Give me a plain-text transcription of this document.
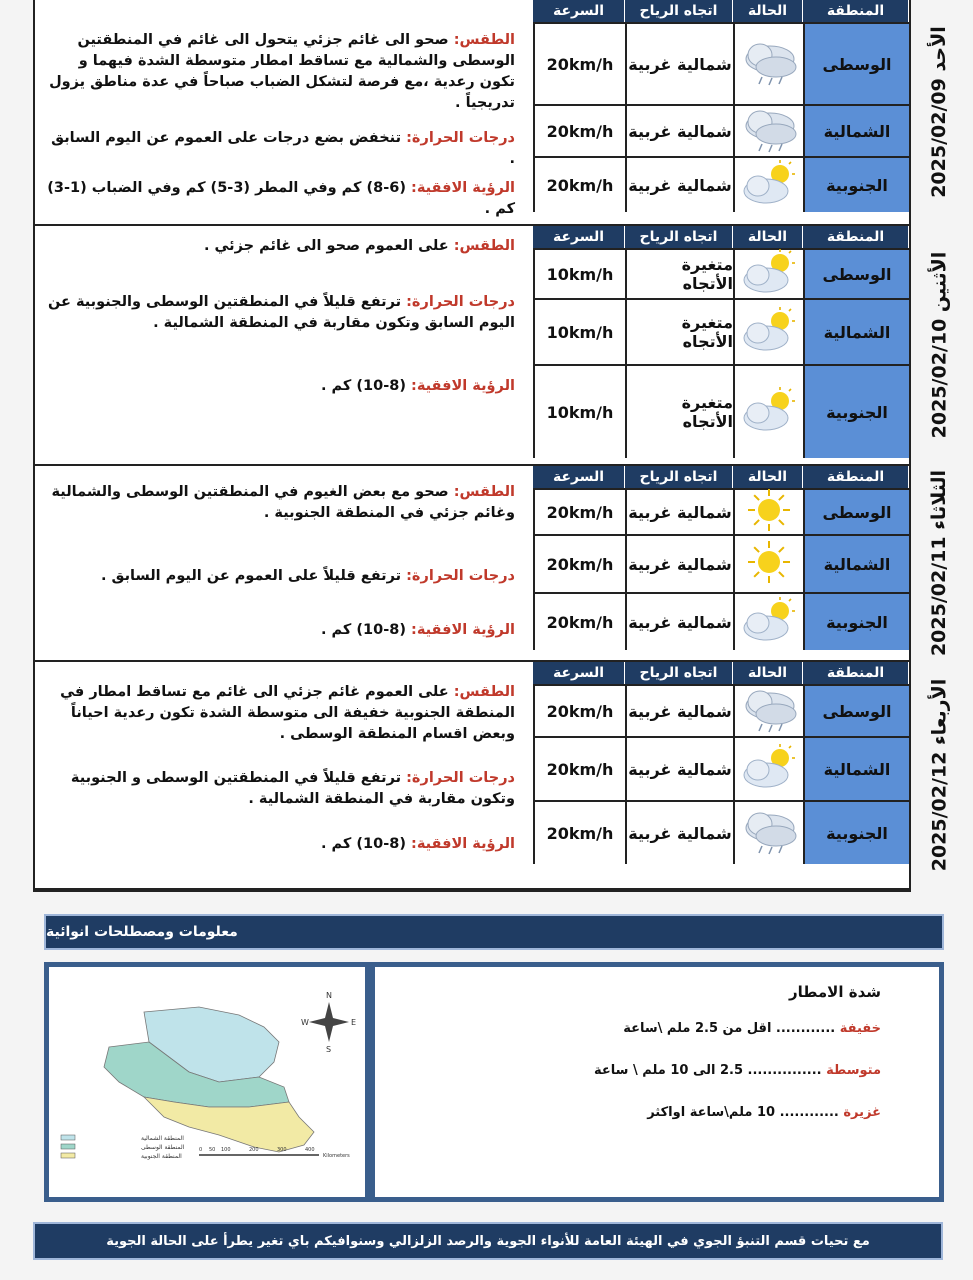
الأحد 2025/02/09
السرعة	اتجاه الرياح	الحالة	المنطقة
20km/h شمالية غربية	الوسطى
20km/h شمالية غربية	الشمالية
20km/h شمالية غربية	الجنوبية
الطقس: صحو الى غائم جزئي يتحول الى غائم في المنطقتين الوسطى والشمالية مع تساقط امطار متوسطة الشدة فيهما و تكون رعدية ،مع فرصة لتشكل الضباب صباحاً في عدة مناطق يزول تدريجياً .
درجات الحرارة: تنخفض بضع درجات على العموم عن اليوم السابق .
الرؤية الافقية: (6-8) كم وفي المطر (3-5) كم وفي الضباب (1-3) كم .
الأثنين 2025/02/10
السرعة	اتجاه الرياح	الحالة	المنطقة
10km/h	متغيرة الأتجاه	الوسطى
10km/h	متغيرة الأتجاه	الشمالية
10km/h	متغيرة الأتجاه	الجنوبية
الطقس: على العموم صحو الى غائم جزئي .
درجات الحرارة: ترتفع قليلاً في المنطقتين الوسطى والجنوبية عن اليوم السابق وتكون مقاربة في المنطقة الشمالية .
الرؤية الافقية: (8-10) كم .
الثلاثاء 2025/02/11
السرعة	اتجاه الرياح	الحالة	المنطقة
20km/h شمالية غربية	الوسطى
20km/h شمالية غربية	الشمالية
20km/h شمالية غربية	الجنوبية
الطقس: صحو مع بعض الغيوم في المنطقتين الوسطى والشمالية وغائم جزئي في المنطقة الجنوبية .
درجات الحرارة: ترتفع قليلاً على العموم عن اليوم السابق .
الرؤية الافقية: (8-10) كم .
الأربعاء 2025/02/12
السرعة	اتجاه الرياح	الحالة	المنطقة
20km/h شمالية غربية	الوسطى
20km/h شمالية غربية	الشمالية
20km/h شمالية غربية	الجنوبية
الطقس: على العموم غائم جزئي الى غائم مع تساقط امطار في المنطقة الجنوبية خفيفة الى متوسطة الشدة تكون رعدية احياناً وبعض اقسام المنطقة الوسطى .
درجات الحرارة: ترتفع قليلاً في المنطقتين الوسطى و الجنوبية وتكون مقاربة في المنطقة الشمالية .
الرؤية الافقية: (8-10) كم .
معلومات ومصطلحات انوائية
N
W	E
S
المنطقة الشمالية
المنطقة الوسطى
المنطقة الجنوبية
0 50 100	200	300	400
Kilometers
شدة الامطار
خفيفة ............ اقل من 2.5 ملم \ساعة
متوسطة ............... 2.5 الى 10 ملم \ ساعة
غزيرة ............ 10 ملم\ساعة اواكثر
مع تحيات قسم التنبؤ الجوي في الهيئة العامة للأنواء الجوية والرصد الزلزالي وسنوافيكم باي تغير يطرأ على الحالة الجوية
